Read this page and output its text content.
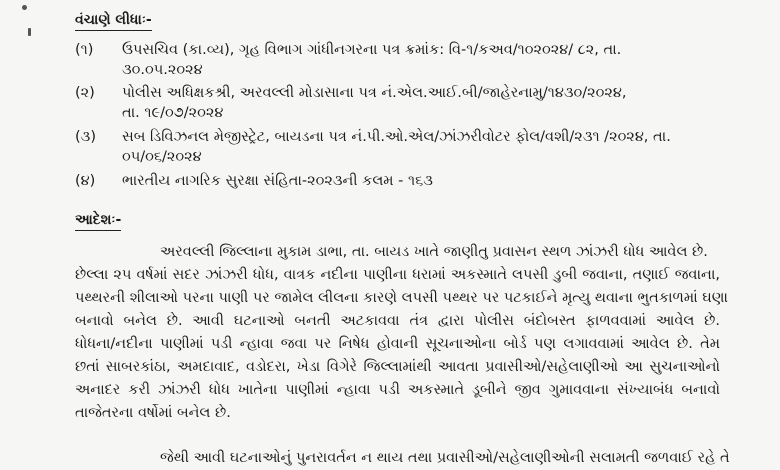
વંચાણે લીધાઃ-
(૧) ઉપસચિવ (કા.વ્ય), ગૃહ વિભાગ ગાંધીનગરના પત્ર ક્રમાંક: વિ-૧/કઅવ/૧૦૨૦૨૪/ ૮૨, તા.
૩૦.૦૫.૨૦૨૪
(૨) પોલીસ અધિક્ષકશ્રી, અરવલ્લી મોડાસાના પત્ર નં.એલ.આઈ.બી/જાહેરનામુ/૧૪૩૦/૨૦૨૪,
તા. ૧૯/૦૭/૨૦૨૪
(૩) સબ ડિવિઝનલ મેજીસ્ટ્રેટ, બાયડના પત્ર નં.પી.ઓ.એલ/ઝાંઝરીવોટર ફોલ/વશી/૨૩૧ /૨૦૨૪, તા.
૦૫/૦૬/૨૦૨૪
(૪) ભારતીય નાગરિક સુરક્ષા સંહિતા-૨૦૨૩ની કલમ - ૧૬૩
આદેશઃ-
અરવલ્લી જિલ્લાના મુકામ ડાભા, તા. બાયડ ખાતે જાણીતુ પ્રવાસન સ્થળ ઝાંઝરી ધોધ આવેલ છે.
છેલ્લા ૨૫ વર્ષમાં સદર ઝાંઝરી ધોધ, વાત્રક નદીના પાણીના ધરામાં અકસ્માતે લપસી ડુબી જવાના, તણાઈ જવાના,
પથ્થરની શીલાઓ પરના પાણી પર જામેલ લીલના કારણે લપસી પથ્થર પર પટકાઈને મૃત્યુ થવાના ભુતકાળમાં ઘણા
બનાવો બનેલ છે. આવી ઘટનાઓ બનતી અટકાવવા તંત્ર દ્વારા પોલીસ બંદોબસ્ત ફાળવવામાં આવેલ છે.
ધોધના/નદીના પાણીમાં પડી ન્હાવા જવા પર નિષેધ હોવાની સૂચનાઓના બોર્ડ પણ લગાવવામાં આવેલ છે. તેમ
છતાં સાબરકાંઠા, અમદાવાદ, વડોદરા, ખેડા વિગેરે જિલ્લામાંથી આવતા પ્રવાસીઓ/સહેલાણીઓ આ સુચનાઓનો
અનાદર કરી ઝાંઝરી ધોધ ખાતેના પાણીમાં ન્હાવા પડી અકસ્માતે ડૂબીને જીવ ગુમાવવાના સંખ્યાબંધ બનાવો
તાજેતરના વર્ષોમાં બનેલ છે.
જેથી આવી ઘટનાઓનું પુનરાવર્તન ન થાય તથા પ્રવાસીઓ/સહેલાણીઓની સલામતી જળવાઈ રહે તે
